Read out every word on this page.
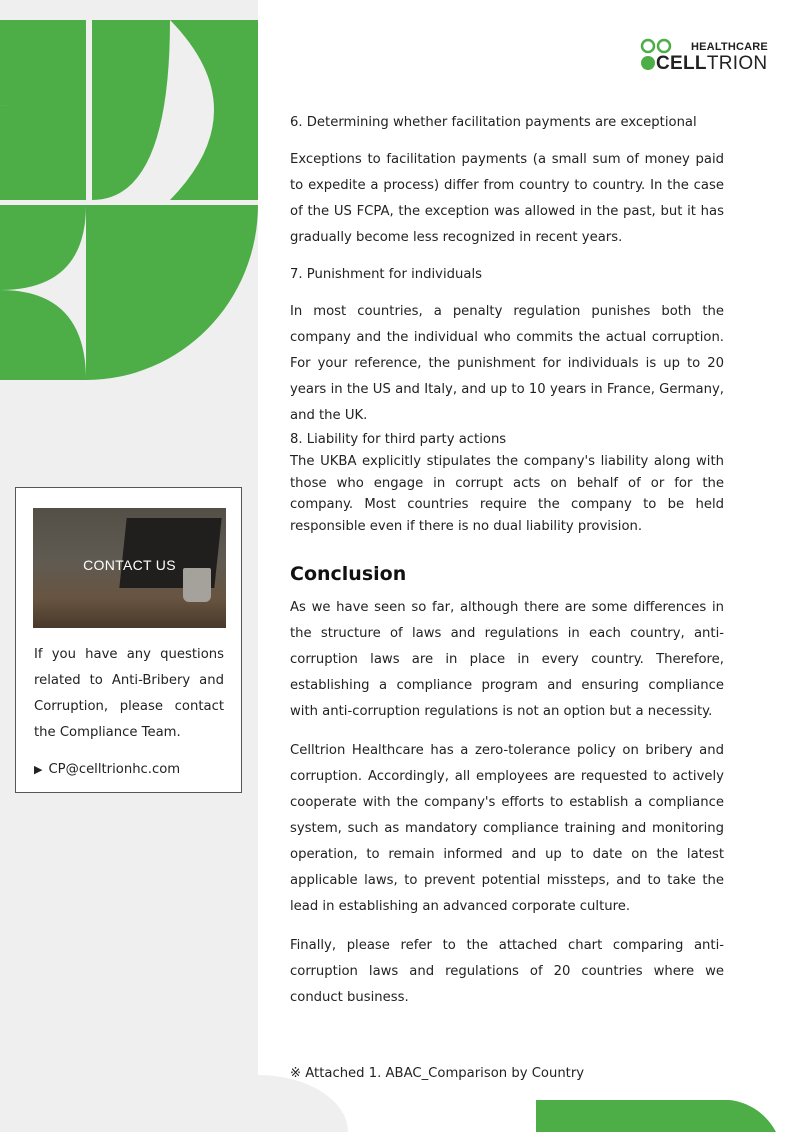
HEALTHCARE
CELLTRION

6. Determining whether facilitation payments are exceptional

Exceptions to facilitation payments (a small sum of money paid to expedite a process) differ from country to country. In the case of the US FCPA, the exception was allowed in the past, but it has gradually become less recognized in recent years.

7. Punishment for individuals

In most countries, a penalty regulation punishes both the company and the individual who commits the actual corruption. For your reference, the punishment for individuals is up to 20 years in the US and Italy, and up to 10 years in France, Germany, and the UK.

8. Liability for third party actions

The UKBA explicitly stipulates the company's liability along with those who engage in corrupt acts on behalf of or for the company. Most countries require the company to be held responsible even if there is no dual liability provision.

Conclusion

As we have seen so far, although there are some differences in the structure of laws and regulations in each country, anti-corruption laws are in place in every country. Therefore, establishing a compliance program and ensuring compliance with anti-corruption regulations is not an option but a necessity.

Celltrion Healthcare has a zero-tolerance policy on bribery and corruption. Accordingly, all employees are requested to actively cooperate with the company's efforts to establish a compliance system, such as mandatory compliance training and monitoring operation, to remain informed and up to date on the latest applicable laws, to prevent potential missteps, and to take the lead in establishing an advanced corporate culture.

Finally, please refer to the attached chart comparing anti-corruption laws and regulations of 20 countries where we conduct business.

※ Attached 1. ABAC_Comparison by Country

CONTACT US

If you have any questions related to Anti-Bribery and Corruption, please contact the Compliance Team.

▶ CP@celltrionhc.com
